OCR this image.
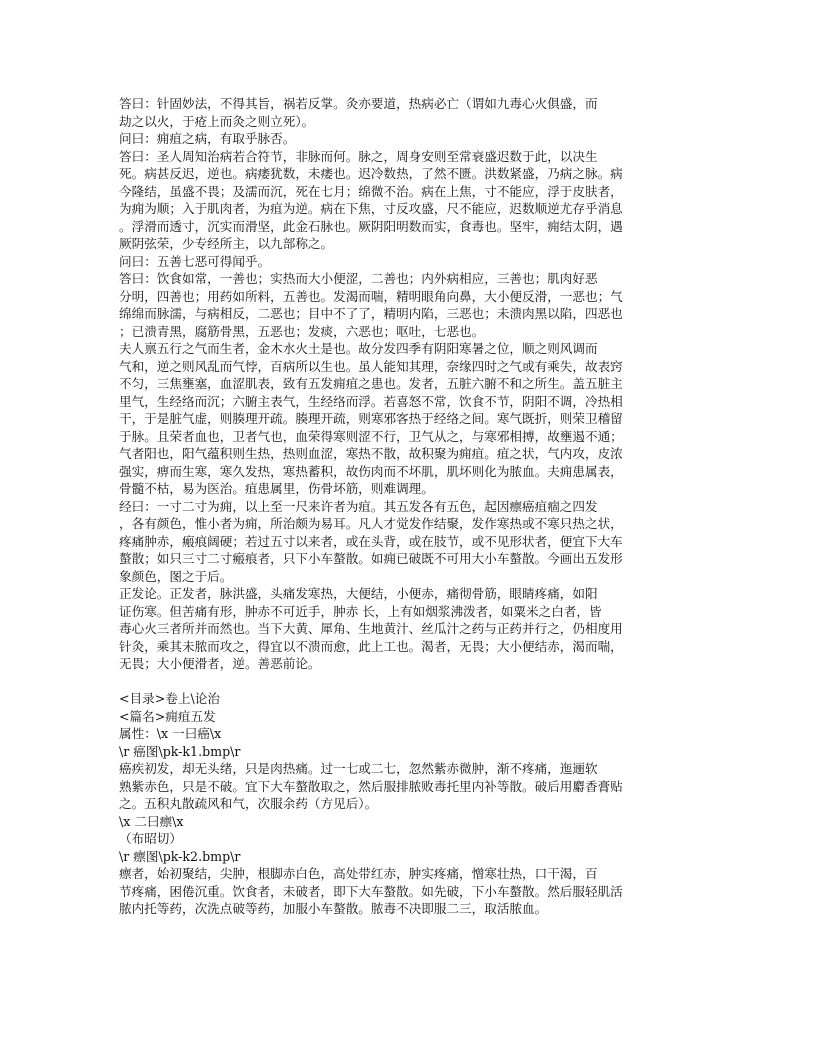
答曰：针固妙法，不得其旨，祸若反掌。灸亦要道，热病必亡（谓如九毒心火俱盛，而
劫之以火，于疮上而灸之则立死）。
问曰：痈疽之病，有取乎脉否。
答曰：圣人周知治病若合符节，非脉而何。脉之，周身安则至常衰盛迟数于此，以决生
死。病甚反迟，逆也。病痿犹数，未痿也。迟冷数热，了然不匮。洪数紧盛，乃病之脉。病
今隆结，虽盛不畏；及濡而沉，死在七月；绵微不治。病在上焦，寸不能应，浮于皮肤者，
为痈为顺；入于肌肉者，为疽为逆。病在下焦，寸反攻盛，尺不能应，迟数顺逆尤存乎消息
。浮滑而透寸，沉实而滑坚，此金石脉也。厥阴阳明数而实，食毒也。坚牢，痈结太阴，遇
厥阴弦荣，少专经所主，以九部称之。
问曰：五善七恶可得闻乎。
答曰：饮食如常，一善也；实热而大小便涩，二善也；内外病相应，三善也；肌肉好恶
分明，四善也；用药如所料，五善也。发渴而喘，精明眼角向鼻，大小便反滑，一恶也；气
绵绵而脉濡，与病相反，二恶也；目中不了了，精明内陷，三恶也；未溃肉黑以陷，四恶也
；已溃青黑，腐筋骨黑，五恶也；发痰，六恶也；呕吐，七恶也。
夫人禀五行之气而生者，金木水火土是也。故分发四季有阴阳寒暑之位，顺之则风调而
气和，逆之则风乱而气悖，百病所以生也。虽人能知其理，奈缘四时之气或有乘失，故表窍
不匀，三焦壅塞，血涩肌表，致有五发痈疽之患也。发者，五脏六腑不和之所生。盖五脏主
里气，生经络而沉；六腑主表气，生经络而浮。若喜怒不常，饮食不节，阴阳不调，冷热相
干，于是脏气虚，则腠理开疏。腠理开疏，则寒邪客热于经络之间。寒气既折，则荣卫稽留
于脉。且荣者血也，卫者气也，血荣得寒则涩不行，卫气从之，与寒邪相搏，故壅遏不通；
气者阳也，阳气蕴积则生热，热则血涩，寒热不散，故积聚为痈疽。疽之状，气内攻，皮浓
强实，痹而生寒，寒久发热，寒热蓄积，故伤肉而不坏肌，肌坏则化为脓血。夫痈患属表，
骨髓不枯，易为医治。疽患属里，伤骨坏筋，则难调理。
经曰：一寸二寸为痈，以上至一尺来许者为疽。其五发各有五色，起因瘭癌疽痼之四发
，各有颜色，惟小者为痈，所治颇为易耳。凡人才觉发作结聚，发作寒热或不寒只热之状，
疼痛肿赤，瘢痕阔硬；若过五寸以来者，或在头背，或在肢节，或不见形状者，便宜下大车
螯散；如只三寸二寸瘢痕者，只下小车螯散。如痈已破既不可用大小车螯散。今画出五发形
象颜色，图之于后。
正发论。正发者，脉洪盛，头痛发寒热，大便结，小便赤，痛彻骨筋，眼睛疼痛，如阳
证伤寒。但苦痛有形，肿赤不可近手，肿赤 长，上有如烟浆沸泼者，如粟米之白者，皆
毒心火三者所并而然也。当下大黄、犀角、生地黄汁、丝瓜汁之药与正药并行之，仍相度用
针灸，乘其未脓而攻之，得宜以不溃而愈，此上工也。渴者，无畏；大小便结赤，渴而喘，
无畏；大小便滑者，逆。善恶前论。
<目录>卷上\论治
<篇名>痈疽五发
属性：\x 一曰癌\x
\r 癌图\pk-k1.bmp\r
癌疾初发，却无头绪，只是肉热痛。过一七或二七，忽然紫赤微肿，渐不疼痛，迤逦软
熟紫赤色，只是不破。宜下大车螯散取之，然后服排脓败毒托里内补等散。破后用麝香膏贴
之。五积丸散疏风和气，次服余药（方见后）。
\x 二曰瘭\x
（布昭切）
\r 瘭图\pk-k2.bmp\r
瘭者，始初聚结，尖肿，根脚赤白色，高处带红赤，肿实疼痛，憎寒壮热，口干渴，百
节疼痛，困倦沉重。饮食者，未破者，即下大车螯散。如先破，下小车螯散。然后服轻肌活
脓内托等药，次洗点破等药，加服小车螯散。脓毒不决即服二三，取活脓血。
